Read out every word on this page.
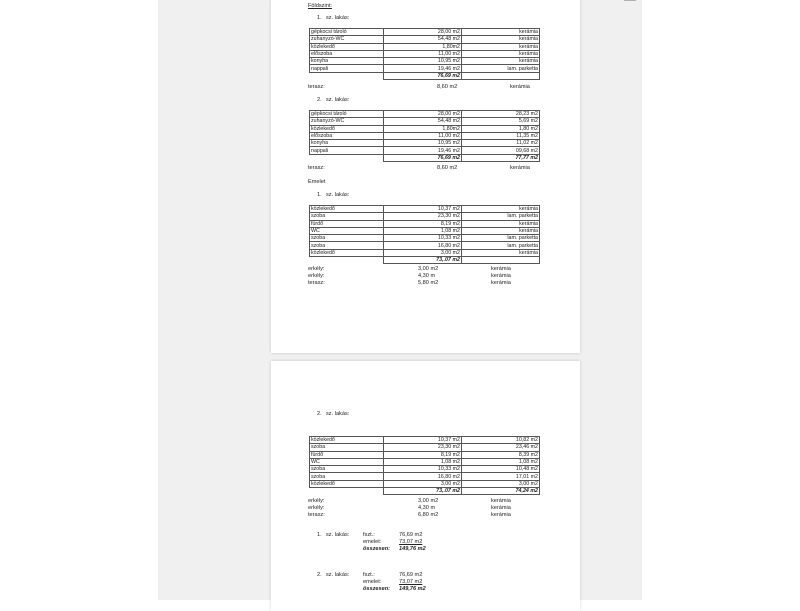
Földszint:
1. sz. lakás:
gépkocsi tároló	28,00 m2	kerámia
zuhanyzó-WC	54,48 m2	kerámia
közlekedő	1,80m2	kerámia
előszoba	11,00 m2	kerámia
konyha	10,95 m2	kerámia
nappali	19,46 m2	lam. parketta
	76,69 m2	
terasz:	8,60 m2	kerámia
2. sz. lakás:
gépkocsi tároló	28,00 m2	28,23 m2
zuhanyzó-WC	54,48 m2	5,69 m2
közlekedő	1,80m2	1,80 m2
előszoba	11,00 m2	11,35 m2
konyha	10,95 m2	11,02 m2
nappali	19,46 m2	09,68 m2
	76,69 m2	77,77 m2
terasz:	8,60 m2	kerámia
Emelet
1. sz. lakás:
közlekedő	10,37 m2	kerámia
szoba	23,30 m2	lam. parketta
fürdő	8,19 m2	kerámia
WC	1,08 m2	kerámia
szoba	10,33 m2	lam. parketta
szoba	16,80 m2	lam. parketta
közlekedő	3,00 m2	kerámia
	73,.07 m2	
erkély:	3,00 m2	kerámia
erkély:	4,30 m	kerámia
terasz:	5,80 m2	kerámia
2. sz. lakás:
közlekedő	10,37 m2	10,82 m2
szoba	23,30 m2	23,46 m2
fürdő	8,19 m2	8,39 m2
WC	1,08 m2	1,08 m2
szoba	10,33 m2	10,48 m2
szoba	16,80 m2	17,01 m2
közlekedő	3,00 m2	3,00 m2
	73,.07 m2	74,24 m2
erkély:	3,00 m2	kerámia
erkély:	4,30 m	kerámia
terasz:	6,80 m2	kerámia
1. sz. lakás: fszt.:	76,69 m2
emelet:	73,07 m2
összesen: 149,76 m2
2. sz. lakás: fszt.:	76,69 m2
emelet:	73,07 m2
összesen: 149,76 m2
